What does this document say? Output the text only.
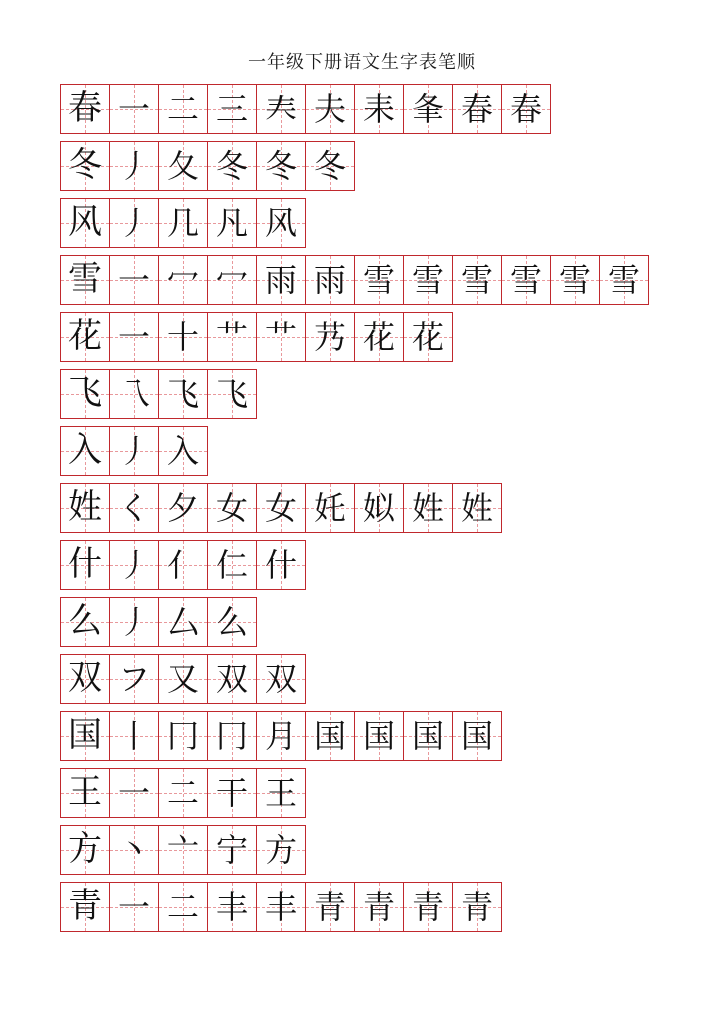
一年级下册语文生字表笔顺
春 一 二 三 ‍𡗗 夫 耒 夆 春 春
冬 丿 夂 冬 冬 冬
风 丿 几 凡 风
雪 一 冖 冖 雨 雨 雪 雪 雪 雪 雪 雪
花 一 十 艹 艹 艿 花 花
飞 乁 飞 飞
入 丿 入
姓 く 夕 女 女 奼 姒 姓 姓
什 丿 亻 仁 什
么 丿 厶 么
双 フ 又 双 双
国 丨 冂 冂 月 国 国 国 国
王 一 二 干 王
方 丶 亠 宁 方
青 一 二 丰 丰 青 青 青 青
